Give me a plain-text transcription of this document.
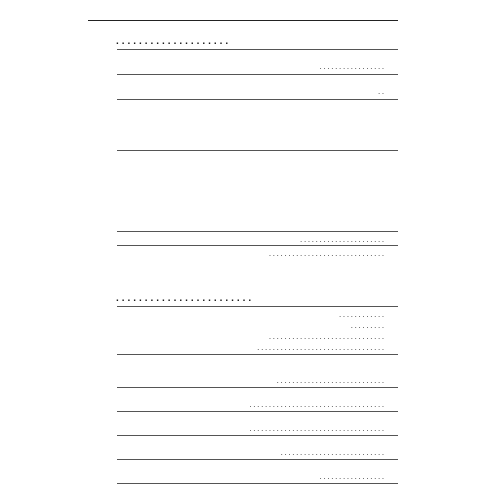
. . . . . . . . . . . . . . . . . . . .
. . . . . . . . . . . . . . . . .
. .
. . . . . . . . . . . . . . . . . . . . . .
. . . . . . . . . . . . . . . . . . . . . . . . . . . . . .
. . . . . . . . . . . . . . . . . . . . . . . .
. . . . . . . . . . . .
. . . . . . . . .
. . . . . . . . . . . . . . . . . . . . . . . . . . . . . .
. . . . . . . . . . . . . . . . . . . . . . . . . . . . . . . . .
. . . . . . . . . . . . . . . . . . . . . . . . . . . .
. . . . . . . . . . . . . . . . . . . . . . . . . . . . . . . . . . .
. . . . . . . . . . . . . . . . . . . . . . . . . . . . . . . . . . .
. . . . . . . . . . . . . . . . . . . . . . . . . . .
. . . . . . . . . . . . . . . . .
